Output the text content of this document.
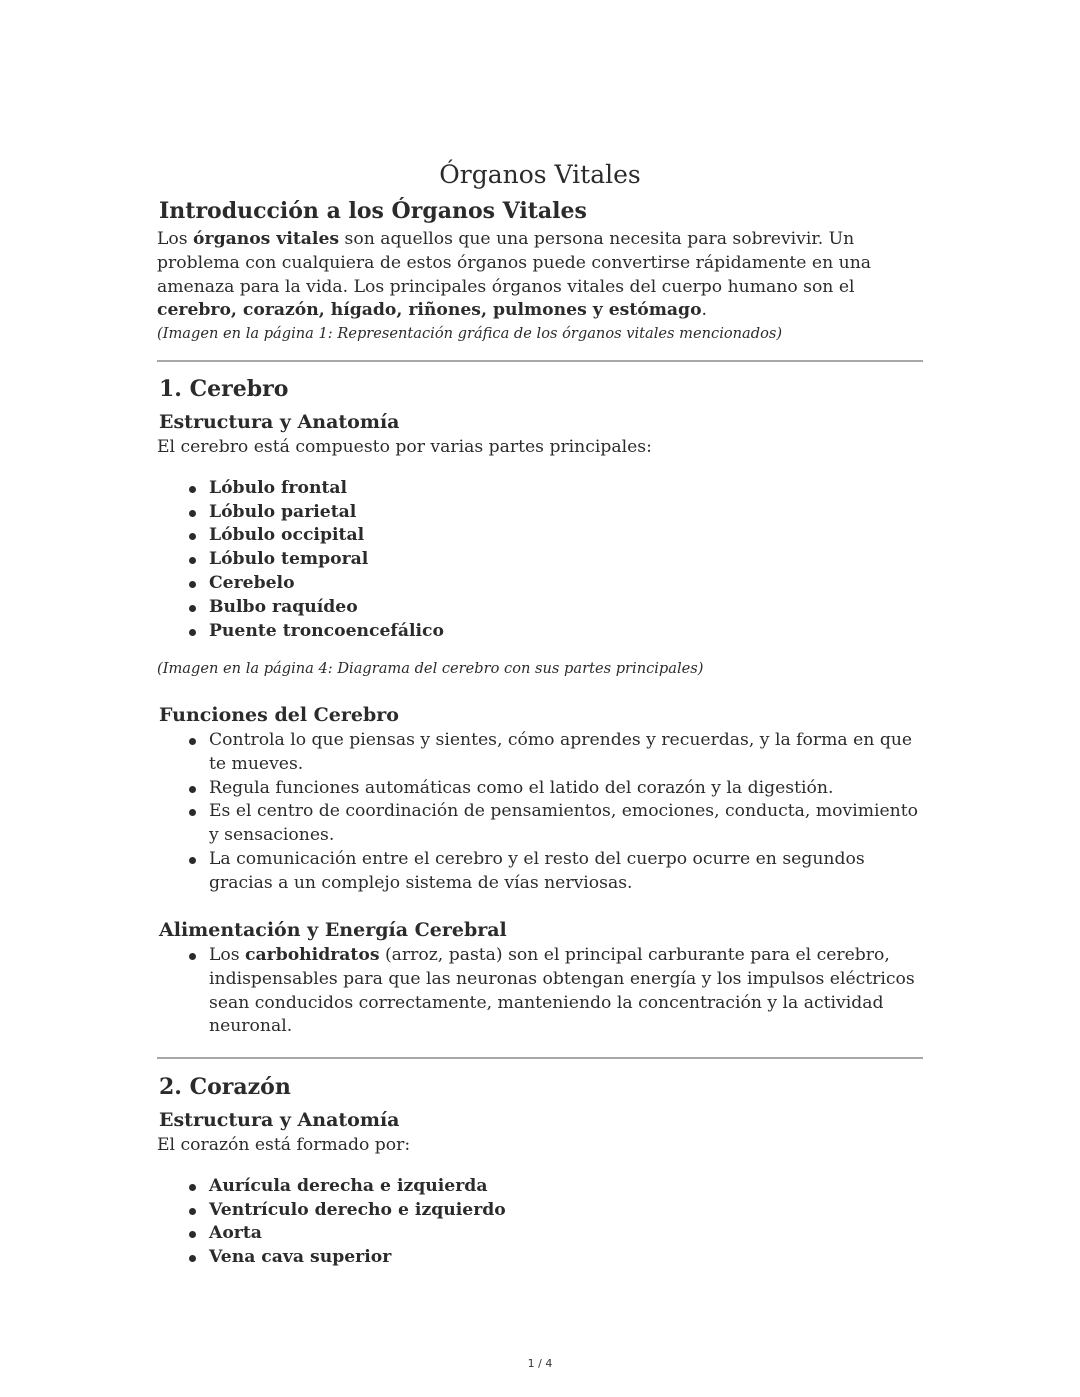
Órganos Vitales
Introducción a los Órganos Vitales

Los órganos vitales son aquellos que una persona necesita para sobrevivir. Un problema con cualquiera de estos órganos puede convertirse rápidamente en una amenaza para la vida. Los principales órganos vitales del cuerpo humano son el cerebro, corazón, hígado, riñones, pulmones y estómago.

(Imagen en la página 1: Representación gráfica de los órganos vitales mencionados)

1. Cerebro
Estructura y Anatomía

El cerebro está compuesto por varias partes principales:

Lóbulo frontal
Lóbulo parietal
Lóbulo occipital
Lóbulo temporal
Cerebelo
Bulbo raquídeo
Puente troncoencefálico

(Imagen en la página 4: Diagrama del cerebro con sus partes principales)

Funciones del Cerebro
Controla lo que piensas y sientes, cómo aprendes y recuerdas, y la forma en que te mueves.
Regula funciones automáticas como el latido del corazón y la digestión.
Es el centro de coordinación de pensamientos, emociones, conducta, movimiento y sensaciones.
La comunicación entre el cerebro y el resto del cuerpo ocurre en segundos gracias a un complejo sistema de vías nerviosas.
Alimentación y Energía Cerebral
Los carbohidratos (arroz, pasta) son el principal carburante para el cerebro, indispensables para que las neuronas obtengan energía y los impulsos eléctricos sean conducidos correctamente, manteniendo la concentración y la actividad neuronal.
2. Corazón
Estructura y Anatomía

El corazón está formado por:

Aurícula derecha e izquierda
Ventrículo derecho e izquierdo
Aorta
Vena cava superior
1 / 4
